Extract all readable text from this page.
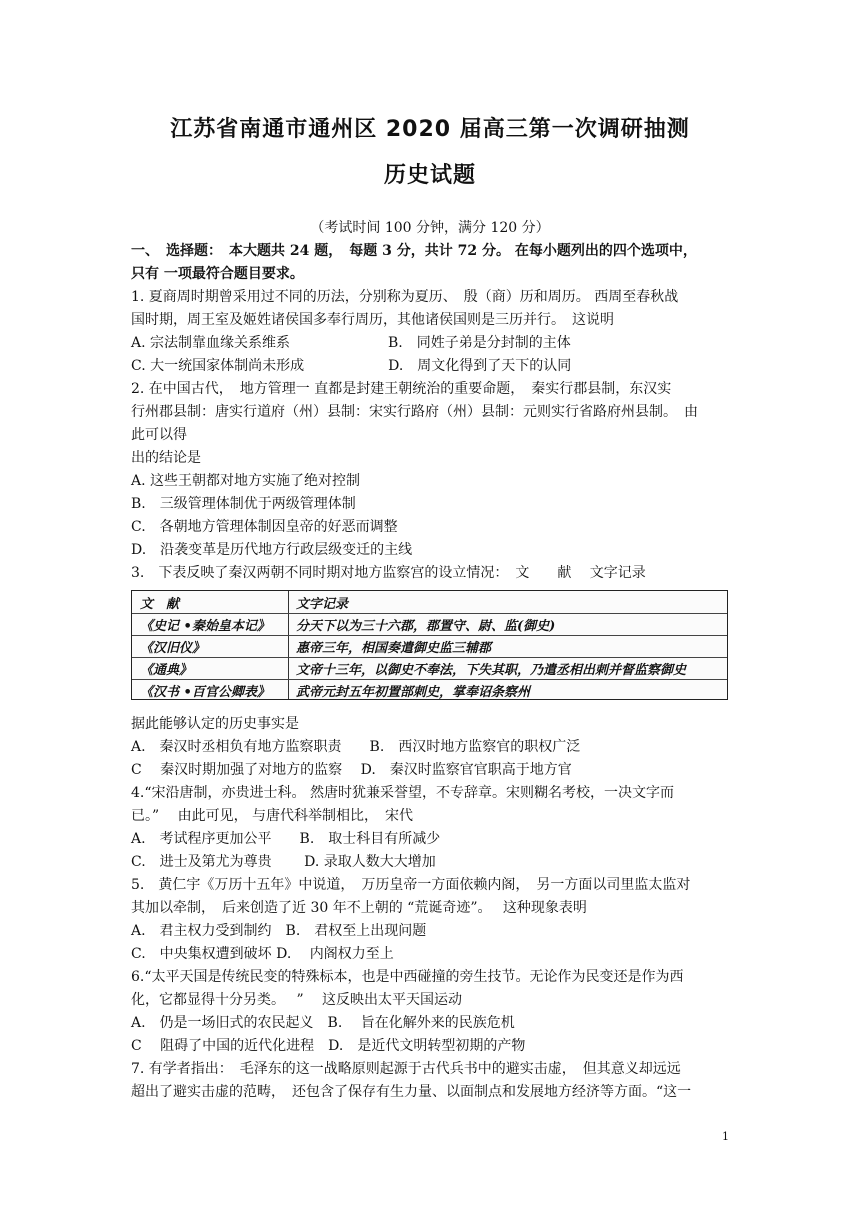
江苏省南通市通州区 2020 届高三第一次调研抽测
历史试题
（考试时间 100 分钟，满分 120 分）
一、　选择题：　本大题共 24 题，　每题 3 分，共计 72 分。 在每小题列出的四个选项中，
只有 一项最符合题目要求。
1. 夏商周时期曾采用过不同的历法，分别称为夏历、　殷（商）历和周历。 西周至春秋战
国时期，周王室及姬姓诸侯国多奉行周历，其他诸侯国则是三历并行。　这说明
A. 宗法制靠血缘关系维系　　　　　　　B.　同姓子弟是分封制的主体
C. 大一统国家体制尚未形成　　　　　　D.　周文化得到了天下的认同
2. 在中国古代，　地方管理一 直都是封建王朝统治的重要命题，　秦实行郡县制，东汉实
行州郡县制：唐实行道府（州）县制：宋实行路府（州）县制：元则实行省路府州县制。　由
此可以得
出的结论是
A. 这些王朝都对地方实施了绝对控制
B.　三级管理体制优于两级管理体制
C.　各朝地方管理体制因皇帝的好恶而调整
D.　沿袭变革是历代地方行政层级变迁的主线
3.　下表反映了秦汉两朝不同时期对地方监察宫的设立情况：　文　　献　 文字记录
文　献	文字记录
《史记 •秦始皇本记》	分天下以为三十六郡，郡置守、尉、监(御史)
《汉旧仪》	惠帝三年，相国奏遣御史监三辅郡
《通典》	文帝十三年，以御史不奉法，下失其职，乃遣丞相出刺并督监察御史
《汉书 •百官公卿表》	武帝元封五年初置部刺史，掌奉诏条察州
据此能够认定的历史事实是
A.　秦汉时丞相负有地方监察职责　　B.　西汉时地方监察官的职权广泛
C　 秦汉时期加强了对地方的监察　 D.　秦汉时监察官官职高于地方官
4.“宋沿唐制，亦贵进士科。 然唐时犹兼采誉望，不专辞章。宋则糊名考校，一决文字而
已。”　 由此可见， 与唐代科举制相比，　宋代
A.　考试程序更加公平　　B.　取士科目有所减少
C.　进士及第尤为尊贵　　 D. 录取人数大大增加
5.　黄仁宇《万历十五年》中说道，　万历皇帝一方面依赖内阁，　另一方面以司里监太监对
其加以牵制，　后来创造了近 30 年不上朝的 “荒诞奇迹”。　 这种现象表明
A.　君主权力受到制约　B.　君权至上出现问题
C.　中央集权遭到破坏 D.　 内阁权力至上
6.“太平天国是传统民变的特殊标本，也是中西碰撞的旁生技节。无论作为民变还是作为西
化，它都显得十分另类。　 ”　 这反映出太平天国运动
A.　仍是一场旧式的农民起义　B.　 旨在化解外来的民族危机
C　 阻碍了中国的近代化进程　D.　是近代文明转型初期的产物
7. 有学者指出：　毛泽东的这一战略原则起源于古代兵书中的避实击虚，　但其意义却远远
超出了避实击虚的范畴，　还包含了保存有生力量、以面制点和发展地方经济等方面。“这一
1
